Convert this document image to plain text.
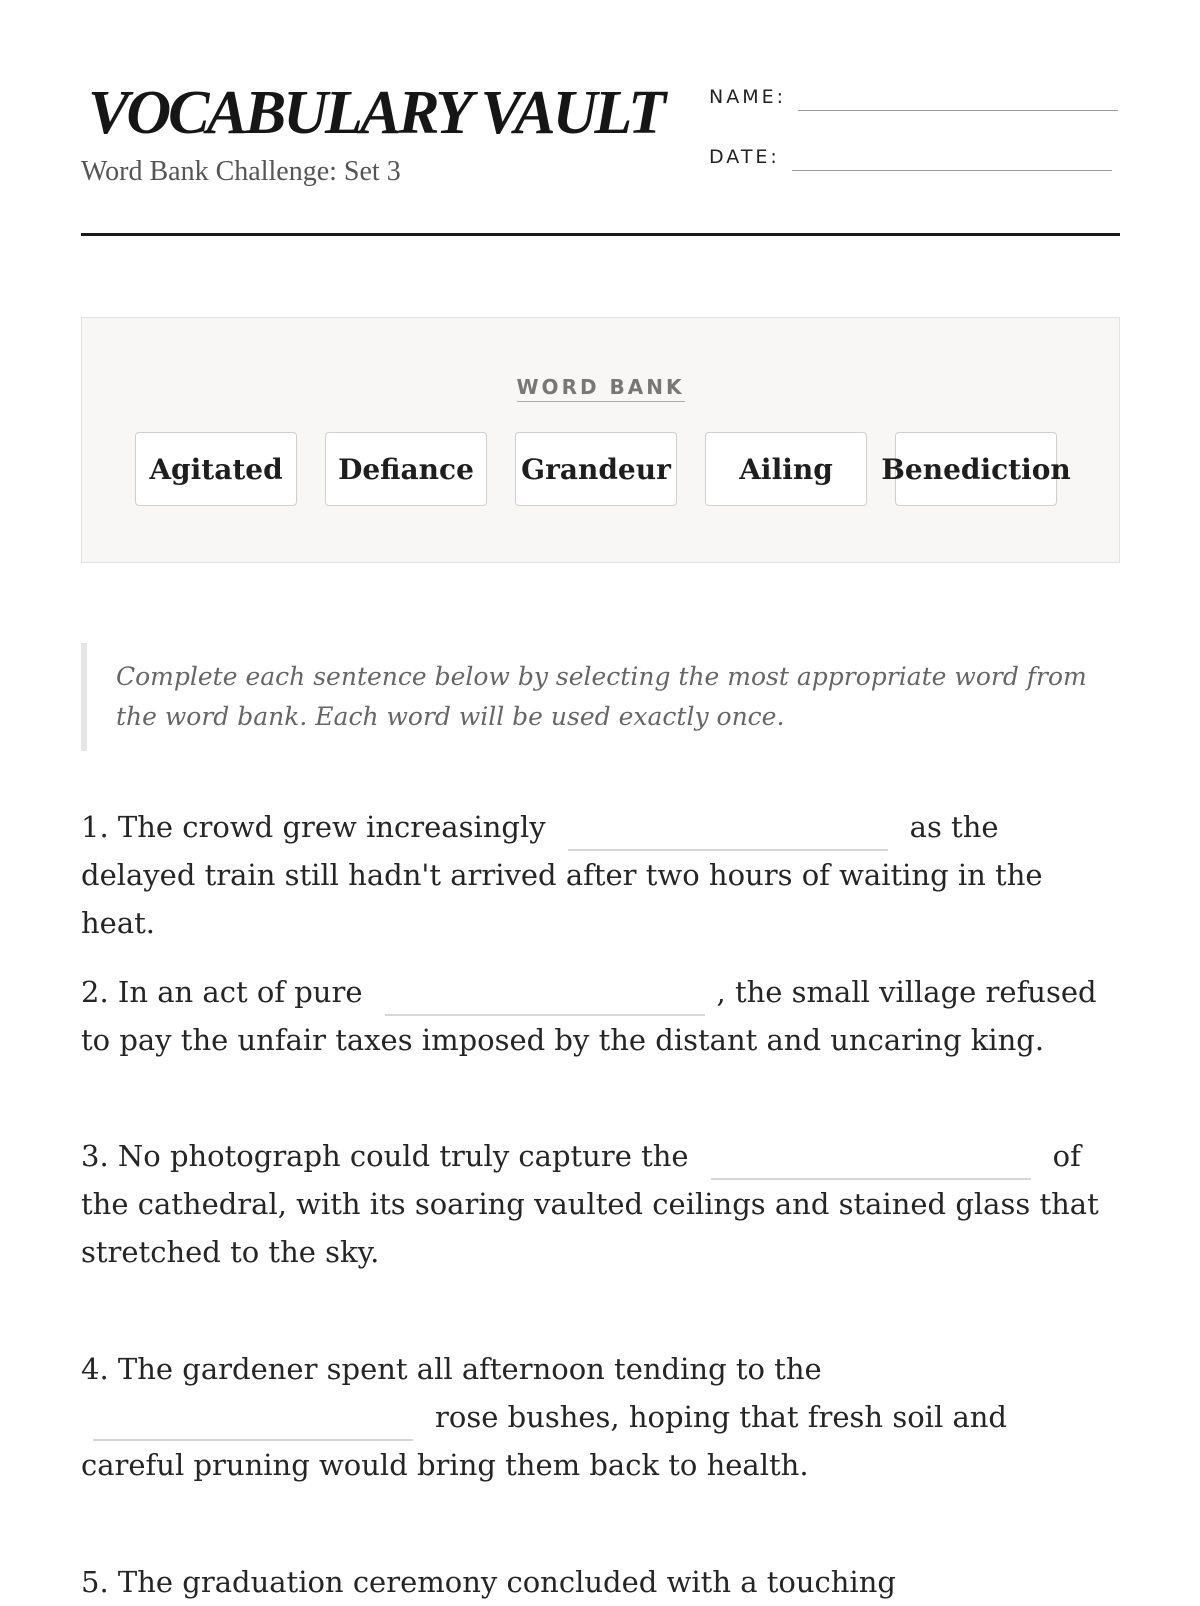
VOCABULARY VAULT
Word Bank Challenge: Set 3
NAME:
DATE:
WORD BANK
Agitated	Defiance	Grandeur	Ailing	Benediction
Complete each sentence below by selecting the most appropriate word from the word bank. Each word will be used exactly once.

1. The crowd grew increasingly	as the delayed train still hadn't arrived after two hours of waiting in the heat.

2. In an act of pure	, the small village refused to pay the unfair taxes imposed by the distant and uncaring king.

3. No photograph could truly capture the	of the cathedral, with its soaring vaulted ceilings and stained glass that stretched to the sky.

4. The gardener spent all afternoon tending to therose bushes, hoping that fresh soil and careful pruning would bring them back to health.

5. The graduation ceremony concluded with a touching
